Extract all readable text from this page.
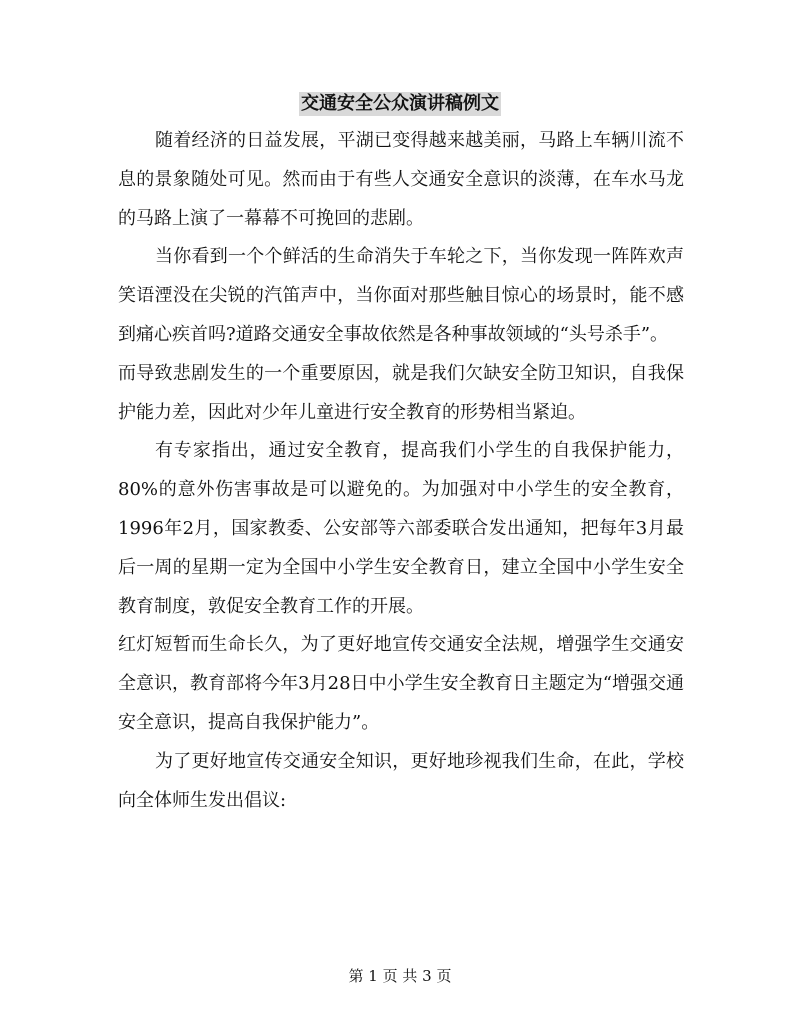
交通安全公众演讲稿例文

随着经济的日益发展，平湖已变得越来越美丽，马路上车辆川流不息的景象随处可见。然而由于有些人交通安全意识的淡薄，在车水马龙的马路上演了一幕幕不可挽回的悲剧。

当你看到一个个鲜活的生命消失于车轮之下，当你发现一阵阵欢声笑语湮没在尖锐的汽笛声中，当你面对那些触目惊心的场景时，能不感到痛心疾首吗?道路交通安全事故依然是各种事故领域的“头号杀手”。

而导致悲剧发生的一个重要原因，就是我们欠缺安全防卫知识，自我保护能力差，因此对少年儿童进行安全教育的形势相当紧迫。

有专家指出，通过安全教育，提高我们小学生的自我保护能力，80%的意外伤害事故是可以避免的。为加强对中小学生的安全教育，1996年2月，国家教委、公安部等六部委联合发出通知，把每年3月最后一周的星期一定为全国中小学生安全教育日，建立全国中小学生安全教育制度，敦促安全教育工作的开展。

红灯短暂而生命长久，为了更好地宣传交通安全法规，增强学生交通安全意识，教育部将今年3月28日中小学生安全教育日主题定为“增强交通安全意识，提高自我保护能力”。

为了更好地宣传交通安全知识，更好地珍视我们生命，在此，学校向全体师生发出倡议:

第 1 页 共 3 页
